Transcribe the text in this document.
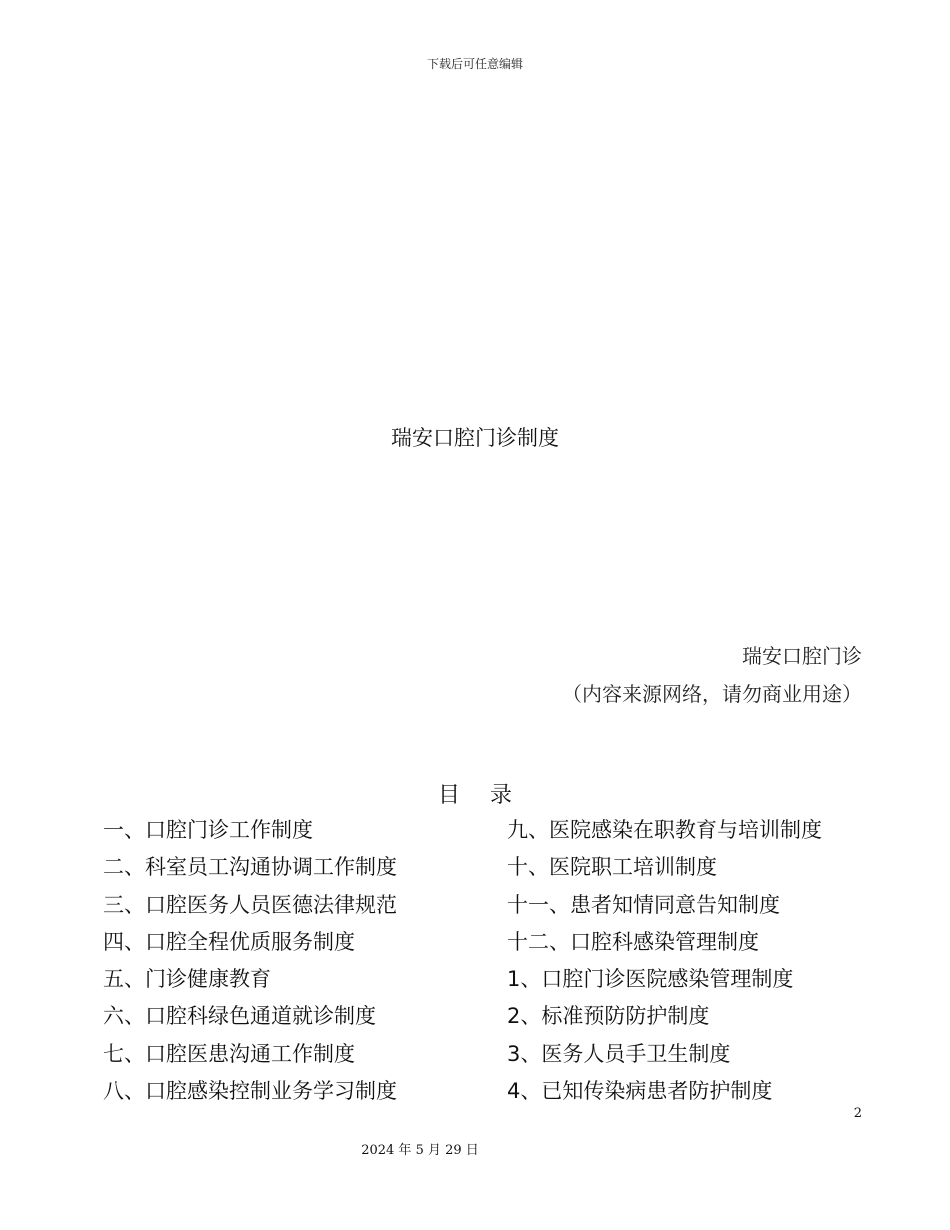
下载后可任意编辑
瑞安口腔门诊制度
瑞安口腔门诊
（内容来源网络，请勿商业用途）
目录
一、口腔门诊工作制度
二、科室员工沟通协调工作制度
三、口腔医务人员医德法律规范
四、口腔全程优质服务制度
五、门诊健康教育
六、口腔科绿色通道就诊制度
七、口腔医患沟通工作制度
八、口腔感染控制业务学习制度
九、医院感染在职教育与培训制度
十、医院职工培训制度
十一、患者知情同意告知制度
十二、口腔科感染管理制度
1、口腔门诊医院感染管理制度
2、标准预防防护制度
3、医务人员手卫生制度
4、已知传染病患者防护制度
2
2024 年 5 月 29 日
